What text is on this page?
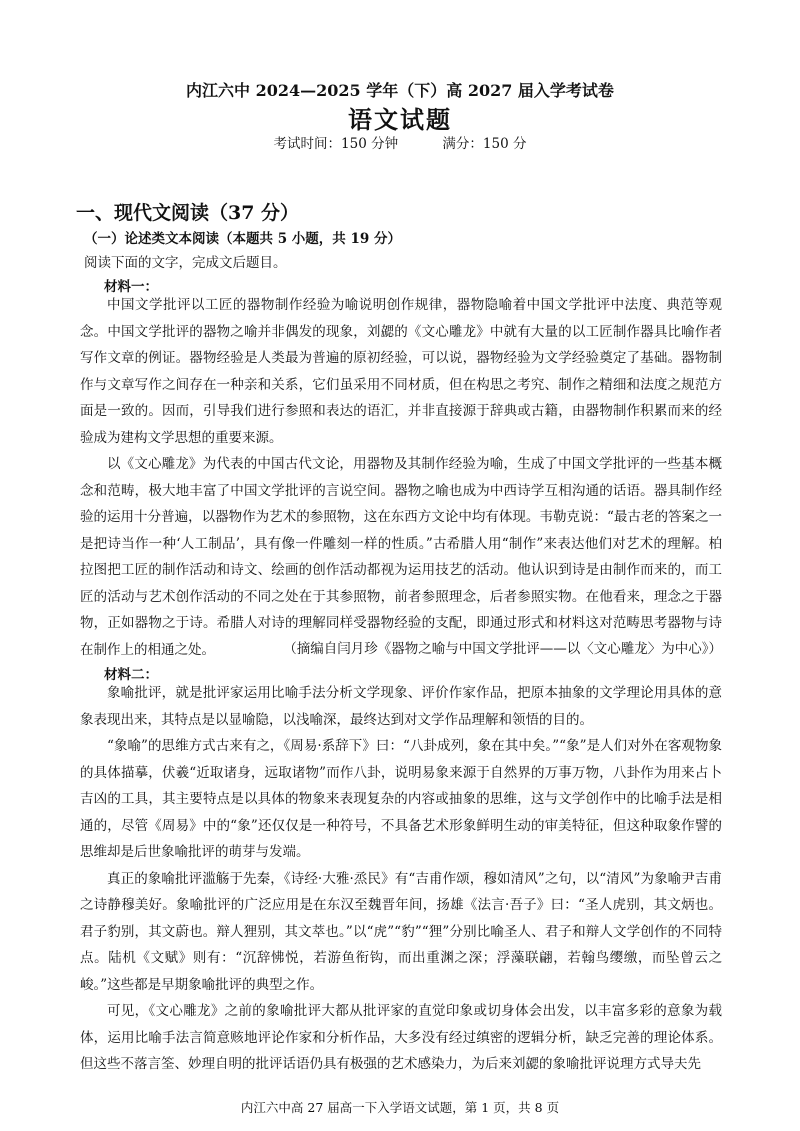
内江六中 2024—2025 学年（下）高 2027 届入学考试卷
语文试题
考试时间：150 分钟	满分：150 分
一、现代文阅读（37 分）
（一）论述类文本阅读（本题共 5 小题，共 19 分）
阅读下面的文字，完成文后题目。
材料一：

中国文学批评以工匠的器物制作经验为喻说明创作规律，器物隐喻着中国文学批评中法度、典范等观念。中国文学批评的器物之喻并非偶发的现象，刘勰的《文心雕龙》中就有大量的以工匠制作器具比喻作者写作文章的例证。器物经验是人类最为普遍的原初经验，可以说，器物经验为文学经验奠定了基础。器物制作与文章写作之间存在一种亲和关系，它们虽采用不同材质，但在构思之考究、制作之精细和法度之规范方面是一致的。因而，引导我们进行参照和表达的语汇，并非直接源于辞典或古籍，由器物制作积累而来的经验成为建构文学思想的重要来源。

以《文心雕龙》为代表的中国古代文论，用器物及其制作经验为喻，生成了中国文学批评的一些基本概念和范畴，极大地丰富了中国文学批评的言说空间。器物之喻也成为中西诗学互相沟通的话语。器具制作经验的运用十分普遍，以器物作为艺术的参照物，这在东西方文论中均有体现。韦勒克说：“最古老的答案之一是把诗当作一种‘人工制品’，具有像一件雕刻一样的性质。”古希腊人用“制作”来表达他们对艺术的理解。柏拉图把工匠的制作活动和诗文、绘画的创作活动都视为运用技艺的活动。他认识到诗是由制作而来的，而工匠的活动与艺术创作活动的不同之处在于其参照物，前者参照理念，后者参照实物。在他看来，理念之于器物，正如器物之于诗。希腊人对诗的理解同样受器物经验的支配，即通过形式和材料这对范畴思考器物与诗在制作上的相通之处。	（摘编自闫月珍《器物之喻与中国文学批评——以〈文心雕龙〉为中心》）
材料二：

象喻批评，就是批评家运用比喻手法分析文学现象、评价作家作品，把原本抽象的文学理论用具体的意象表现出来，其特点是以显喻隐，以浅喻深，最终达到对文学作品理解和领悟的目的。

“象喻”的思维方式古来有之，《周易·系辞下》曰：“八卦成列，象在其中矣。”“象”是人们对外在客观物象的具体描摹，伏羲“近取诸身，远取诸物”而作八卦，说明易象来源于自然界的万事万物，八卦作为用来占卜吉凶的工具，其主要特点是以具体的物象来表现复杂的内容或抽象的思维，这与文学创作中的比喻手法是相通的，尽管《周易》中的“象”还仅仅是一种符号，不具备艺术形象鲜明生动的审美特征，但这种取象作譬的思维却是后世象喻批评的萌芽与发端。

真正的象喻批评滥觞于先秦，《诗经·大雅·烝民》有“吉甫作颂，穆如清风”之句，以“清风”为象喻尹吉甫之诗静穆美好。象喻批评的广泛应用是在东汉至魏晋年间，扬雄《法言·吾子》曰：“圣人虎别，其文炳也。君子豹别，其文蔚也。辩人狸别，其文萃也。”以“虎”“豹”“狸”分别比喻圣人、君子和辩人文学创作的不同特点。陆机《文赋》则有：“沉辞怫悦，若游鱼衔钩，而出重渊之深；浮藻联翩，若翰鸟缨缴，而坠曾云之峻。”这些都是早期象喻批评的典型之作。

可见，《文心雕龙》之前的象喻批评大都从批评家的直觉印象或切身体会出发，以丰富多彩的意象为载体，运用比喻手法言简意赅地评论作家和分析作品，大多没有经过缜密的逻辑分析，缺乏完善的理论体系。但这些不落言筌、妙理自明的批评话语仍具有极强的艺术感染力，为后来刘勰的象喻批评说理方式导夫先

内江六中高 27 届高一下入学语文试题，第 1 页，共 8 页
